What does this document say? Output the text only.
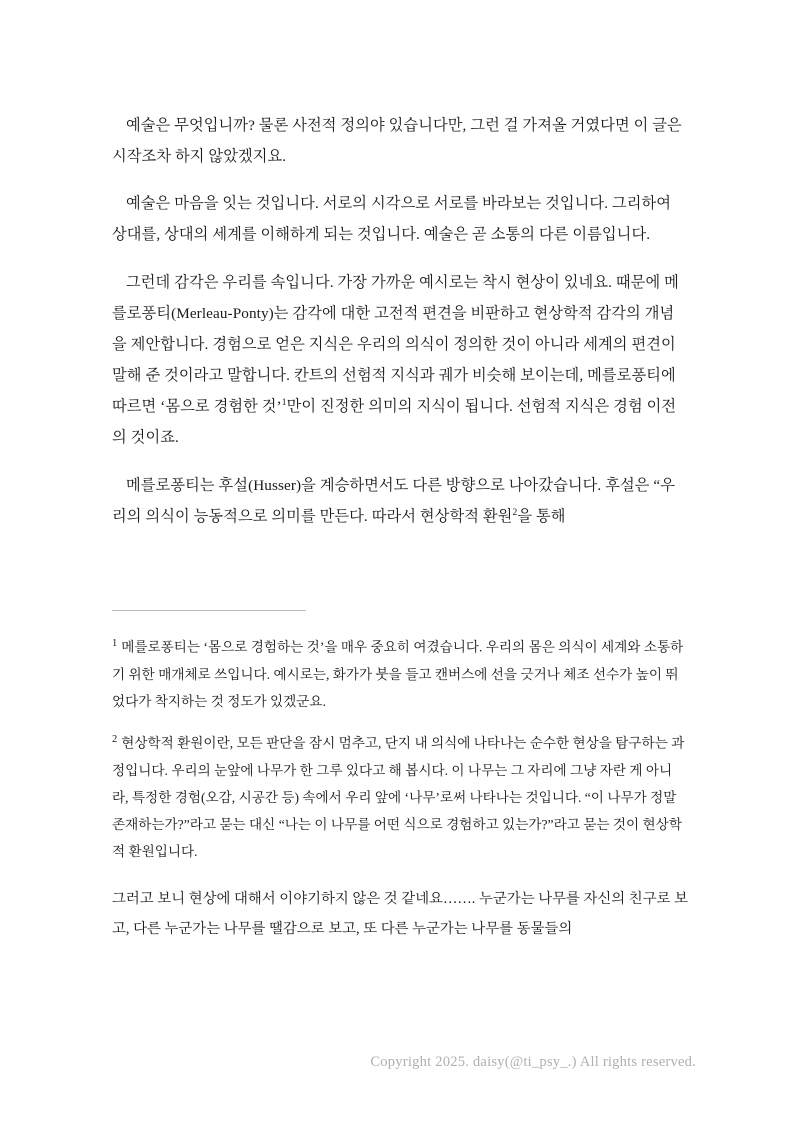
예술은 무엇입니까? 물론 사전적 정의야 있습니다만, 그런 걸 가져올 거였다면 이 글은 시작조차 하지 않았겠지요.

예술은 마음을 잇는 것입니다. 서로의 시각으로 서로를 바라보는 것입니다. 그리하여 상대를, 상대의 세계를 이해하게 되는 것입니다. 예술은 곧 소통의 다른 이름입니다.

그런데 감각은 우리를 속입니다. 가장 가까운 예시로는 착시 현상이 있네요. 때문에 메를로퐁티(Merleau-Ponty)는 감각에 대한 고전적 편견을 비판하고 현상학적 감각의 개념을 제안합니다. 경험으로 얻은 지식은 우리의 의식이 정의한 것이 아니라 세계의 편견이 말해 준 것이라고 말합니다. 칸트의 선험적 지식과 궤가 비슷해 보이는데, 메를로퐁티에 따르면 ‘몸으로 경험한 것’$^1$만이 진정한 의미의 지식이 됩니다. 선험적 지식은 경험 이전의 것이죠.

메를로퐁티는 후설(Husser)을 계승하면서도 다른 방향으로 나아갔습니다. 후설은 “우리의 의식이 능동적으로 의미를 만든다. 따라서 현상학적 환원$^2$을 통해

$^1$ 메를로퐁티는 ‘몸으로 경험하는 것’을 매우 중요히 여겼습니다. 우리의 몸은 의식이 세계와 소통하기 위한 매개체로 쓰입니다. 예시로는, 화가가 붓을 들고 캔버스에 선을 긋거나 체조 선수가 높이 뛰었다가 착지하는 것 정도가 있겠군요.

$^2$ 현상학적 환원이란, 모든 판단을 잠시 멈추고, 단지 내 의식에 나타나는 순수한 현상을 탐구하는 과정입니다. 우리의 눈앞에 나무가 한 그루 있다고 해 봅시다. 이 나무는 그 자리에 그냥 자란 게 아니라, 특정한 경험(오감, 시공간 등) 속에서 우리 앞에 ‘나무’로써 나타나는 것입니다. “이 나무가 정말 존재하는가?”라고 묻는 대신 “나는 이 나무를 어떤 식으로 경험하고 있는가?”라고 묻는 것이 현상학적 환원입니다.

그러고 보니 현상에 대해서 이야기하지 않은 것 같네요……. 누군가는 나무를 자신의 친구로 보고, 다른 누군가는 나무를 땔감으로 보고, 또 다른 누군가는 나무를 동물들의

Copyright 2025. daisy(@ti_psy_.) All rights reserved.
